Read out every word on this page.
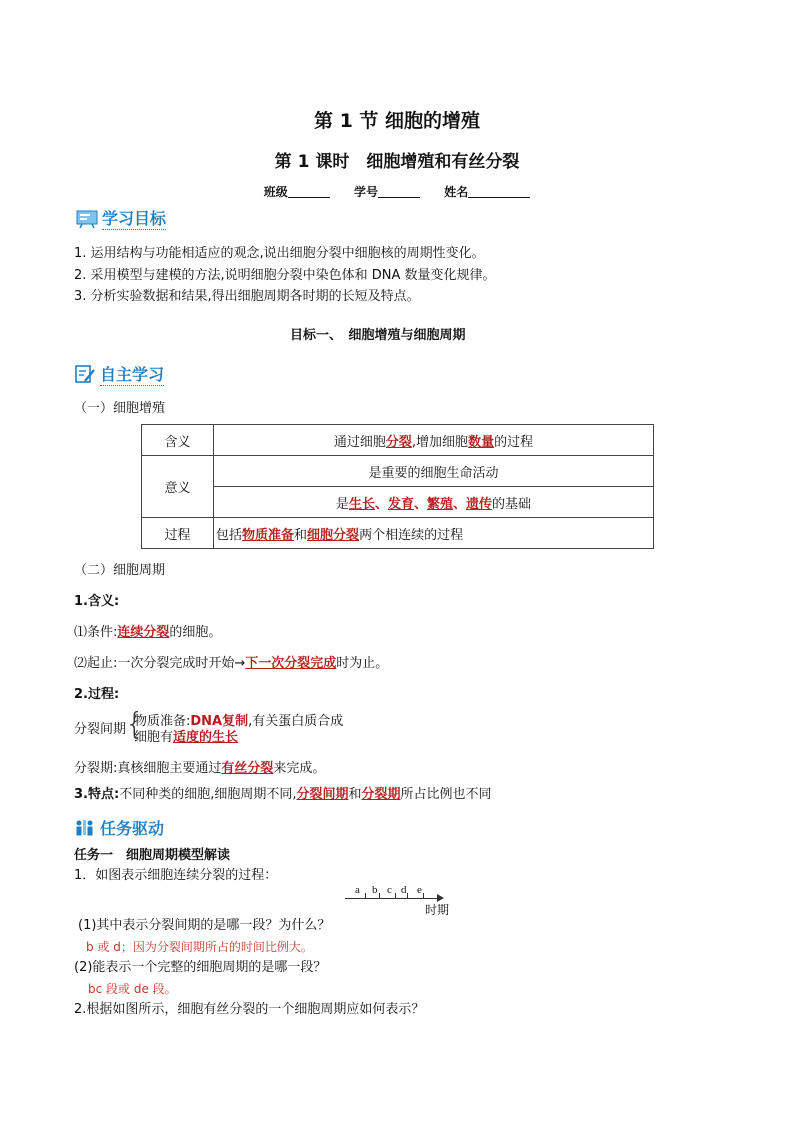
第 1 节 细胞的增殖
第 1 课时　细胞增殖和有丝分裂
班级	学号	姓名
学习目标
1. 运用结构与功能相适应的观念,说出细胞分裂中细胞核的周期性变化。
2. 采用模型与建模的方法,说明细胞分裂中染色体和 DNA 数量变化规律。
3. 分析实验数据和结果,得出细胞周期各时期的长短及特点。
目标一、　细胞增殖与细胞周期
自主学习
（一）细胞增殖
含义	通过细胞分裂,增加细胞数量的过程
意义	是重要的细胞生命活动
	是生长、发育、繁殖、遗传的基础
过程	包括物质准备和细胞分裂两个相连续的过程
（二）细胞周期
1.含义:
⑴条件:连续分裂的细胞。
⑵起止:一次分裂完成时开始→下一次分裂完成时为止。
2.过程:
分裂间期
{
物质准备:DNA复制,有关蛋白质合成
细胞有适度的生长
分裂期:真核细胞主要通过有丝分裂来完成。
3.特点:不同种类的细胞,细胞周期不同,分裂间期和分裂期所占比例也不同
任务驱动
任务一　细胞周期模型解读
1．如图表示细胞连续分裂的过程：
a b c d e
时期
(1)其中表示分裂间期的是哪一段？为什么？
b 或 d；因为分裂间期所占的时间比例大。
(2)能表示一个完整的细胞周期的是哪一段？
bc 段或 de 段。
2.根据如图所示，细胞有丝分裂的一个细胞周期应如何表示？
